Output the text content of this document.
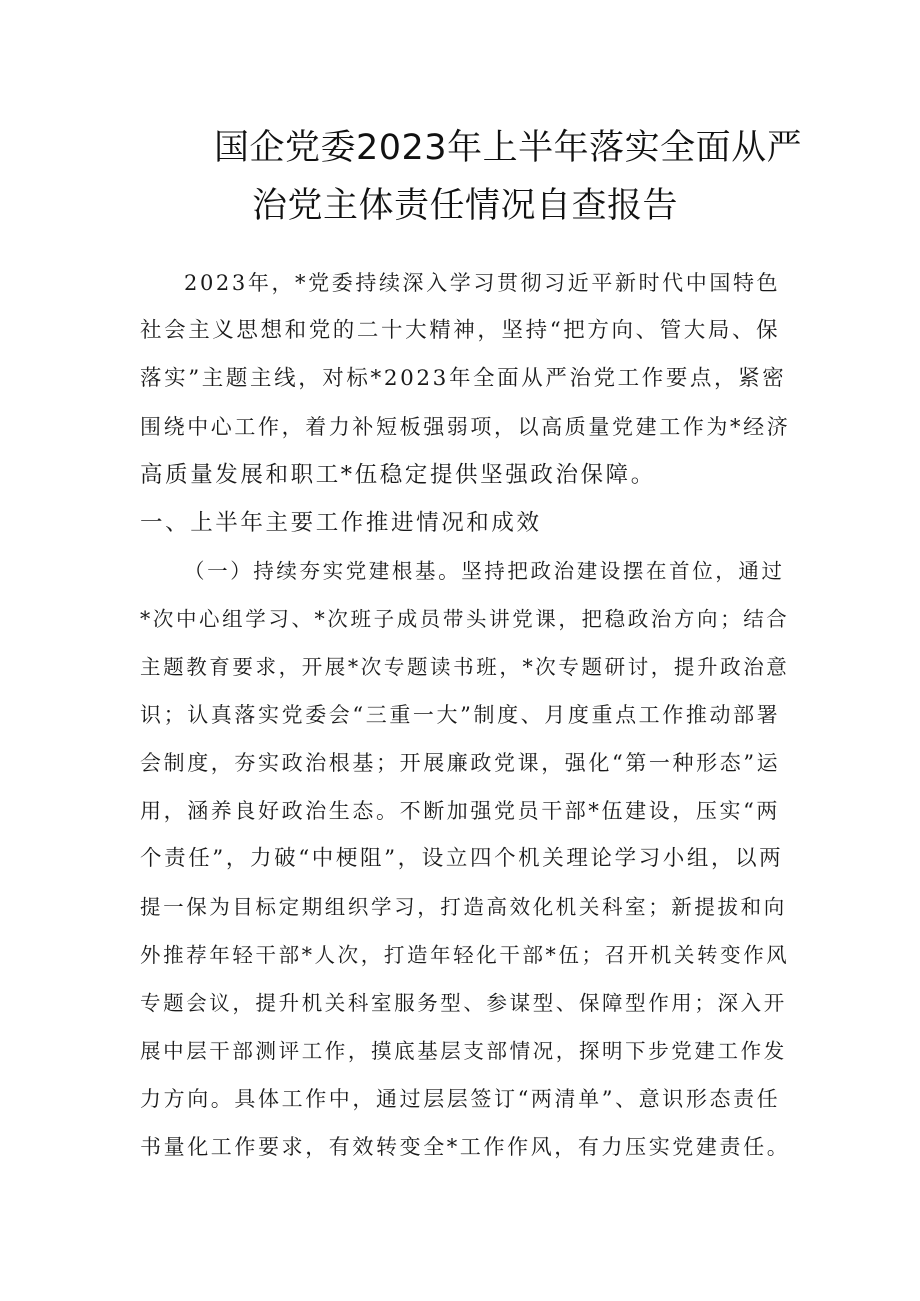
国企党委2023年上半年落实全面从严
治党主体责任情况自查报告
2023年，*党委持续深入学习贯彻习近平新时代中国特色
社会主义思想和党的二十大精神，坚持“把方向、管大局、保
落实”主题主线，对标*2023年全面从严治党工作要点，紧密
围绕中心工作，着力补短板强弱项，以高质量党建工作为*经济
高质量发展和职工*伍稳定提供坚强政治保障。
一、上半年主要工作推进情况和成效
（一）持续夯实党建根基。坚持把政治建设摆在首位，通过
*次中心组学习、*次班子成员带头讲党课，把稳政治方向；结合
主题教育要求，开展*次专题读书班，*次专题研讨，提升政治意
识；认真落实党委会“三重一大”制度、月度重点工作推动部署
会制度，夯实政治根基；开展廉政党课，强化“第一种形态”运
用，涵养良好政治生态。不断加强党员干部*伍建设，压实“两
个责任”，力破“中梗阻”，设立四个机关理论学习小组，以两
提一保为目标定期组织学习，打造高效化机关科室；新提拔和向
外推荐年轻干部*人次，打造年轻化干部*伍；召开机关转变作风
专题会议，提升机关科室服务型、参谋型、保障型作用；深入开
展中层干部测评工作，摸底基层支部情况，探明下步党建工作发
力方向。具体工作中，通过层层签订“两清单”、意识形态责任
书量化工作要求，有效转变全*工作作风，有力压实党建责任。
